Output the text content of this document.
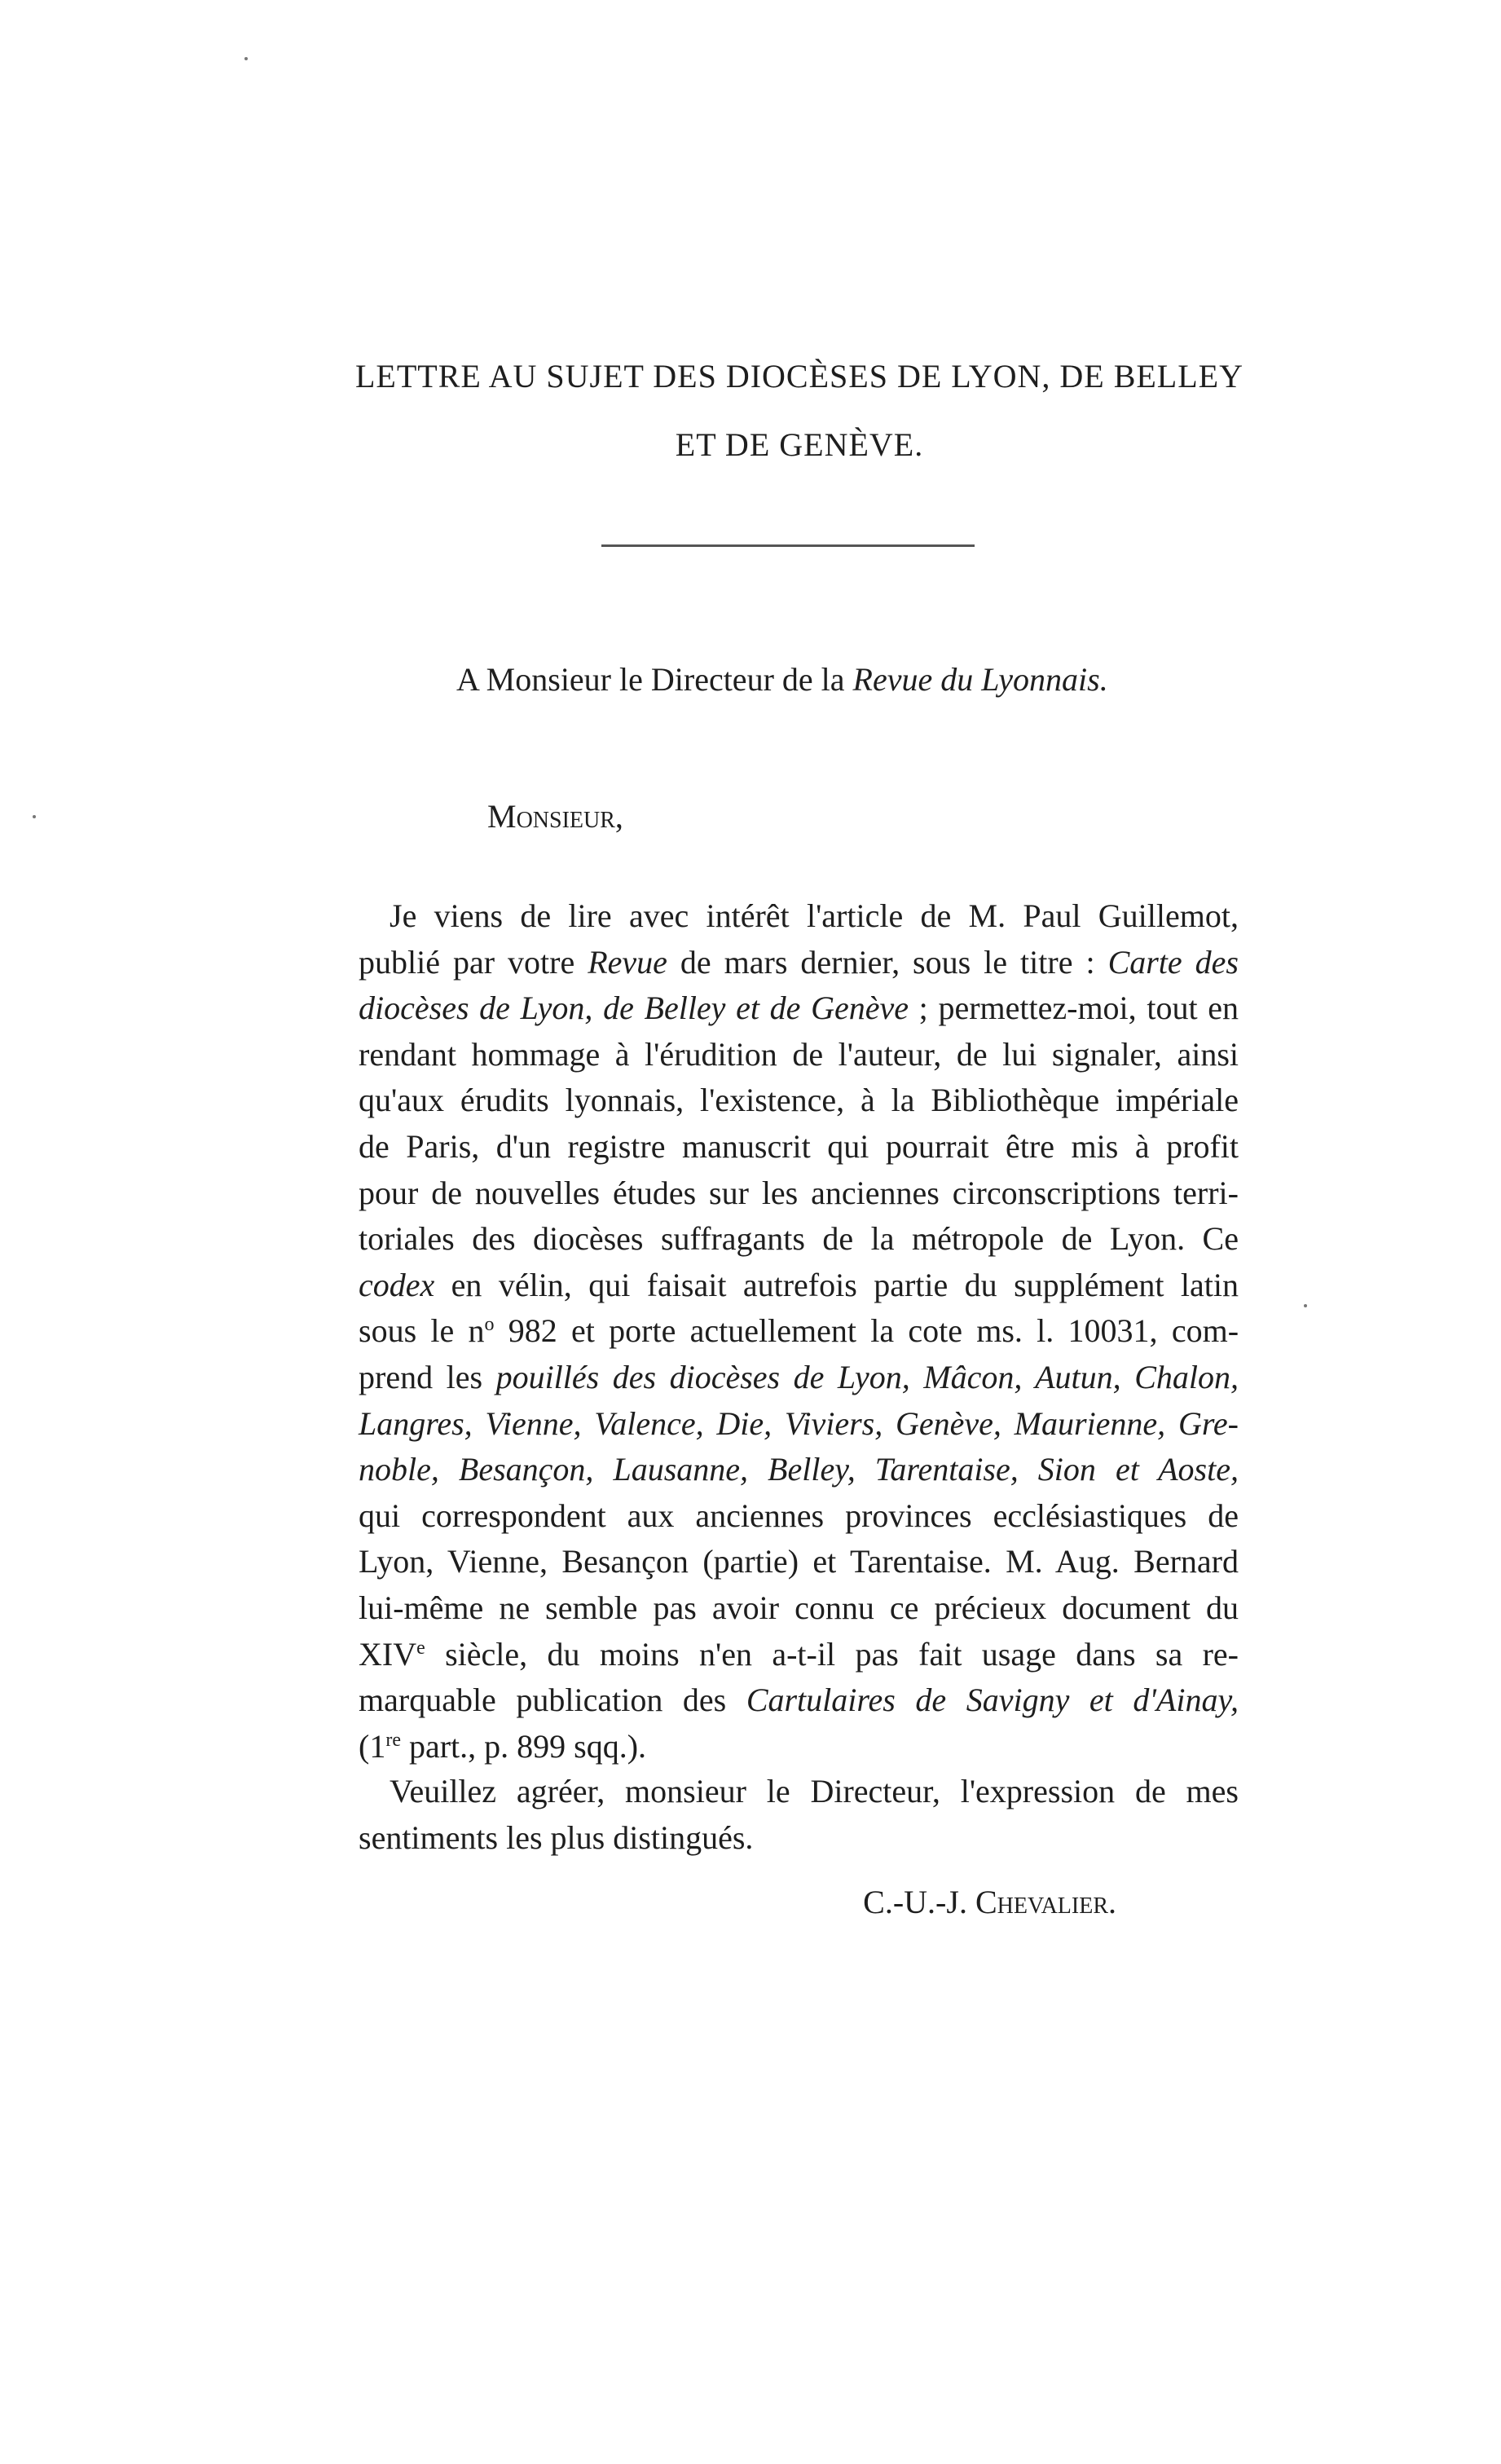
LETTRE AU SUJET DES DIOCÈSES DE LYON, DE BELLEY
ET DE GENÈVE.
A Monsieur le Directeur de la Revue du Lyonnais.
Monsieur,
Je viens de lire avec intérêt l'article de M. Paul Guillemot,
publié par votre Revue de mars dernier, sous le titre : Carte des
diocèses de Lyon, de Belley et de Genève ; permettez-moi, tout en
rendant hommage à l'érudition de l'auteur, de lui signaler, ainsi
qu'aux érudits lyonnais, l'existence, à la Bibliothèque impériale
de Paris, d'un registre manuscrit qui pourrait être mis à profit
pour de nouvelles études sur les anciennes circonscriptions terri-
toriales des diocèses suffragants de la métropole de Lyon. Ce
codex en vélin, qui faisait autrefois partie du supplément latin
sous le $n^o$ 982 et porte actuellement la cote ms. l. 10031, com-
prend les pouillés des diocèses de Lyon, Mâcon, Autun, Chalon,
Langres, Vienne, Valence, Die, Viviers, Genève, Maurienne, Gre-
noble, Besançon, Lausanne, Belley, Tarentaise, Sion et Aoste,
qui correspondent aux anciennes provinces ecclésiastiques de
Lyon, Vienne, Besançon (partie) et Tarentaise. M. Aug. Bernard
lui-même ne semble pas avoir connu ce précieux document du
XIVe siècle, du moins n'en a-t-il pas fait usage dans sa re-
marquable publication des Cartulaires de Savigny et d'Ainay,
(1re part., p. 899 sqq.).
Veuillez agréer, monsieur le Directeur, l'expression de mes
sentiments les plus distingués.
C.-U.-J. Chevalier.
